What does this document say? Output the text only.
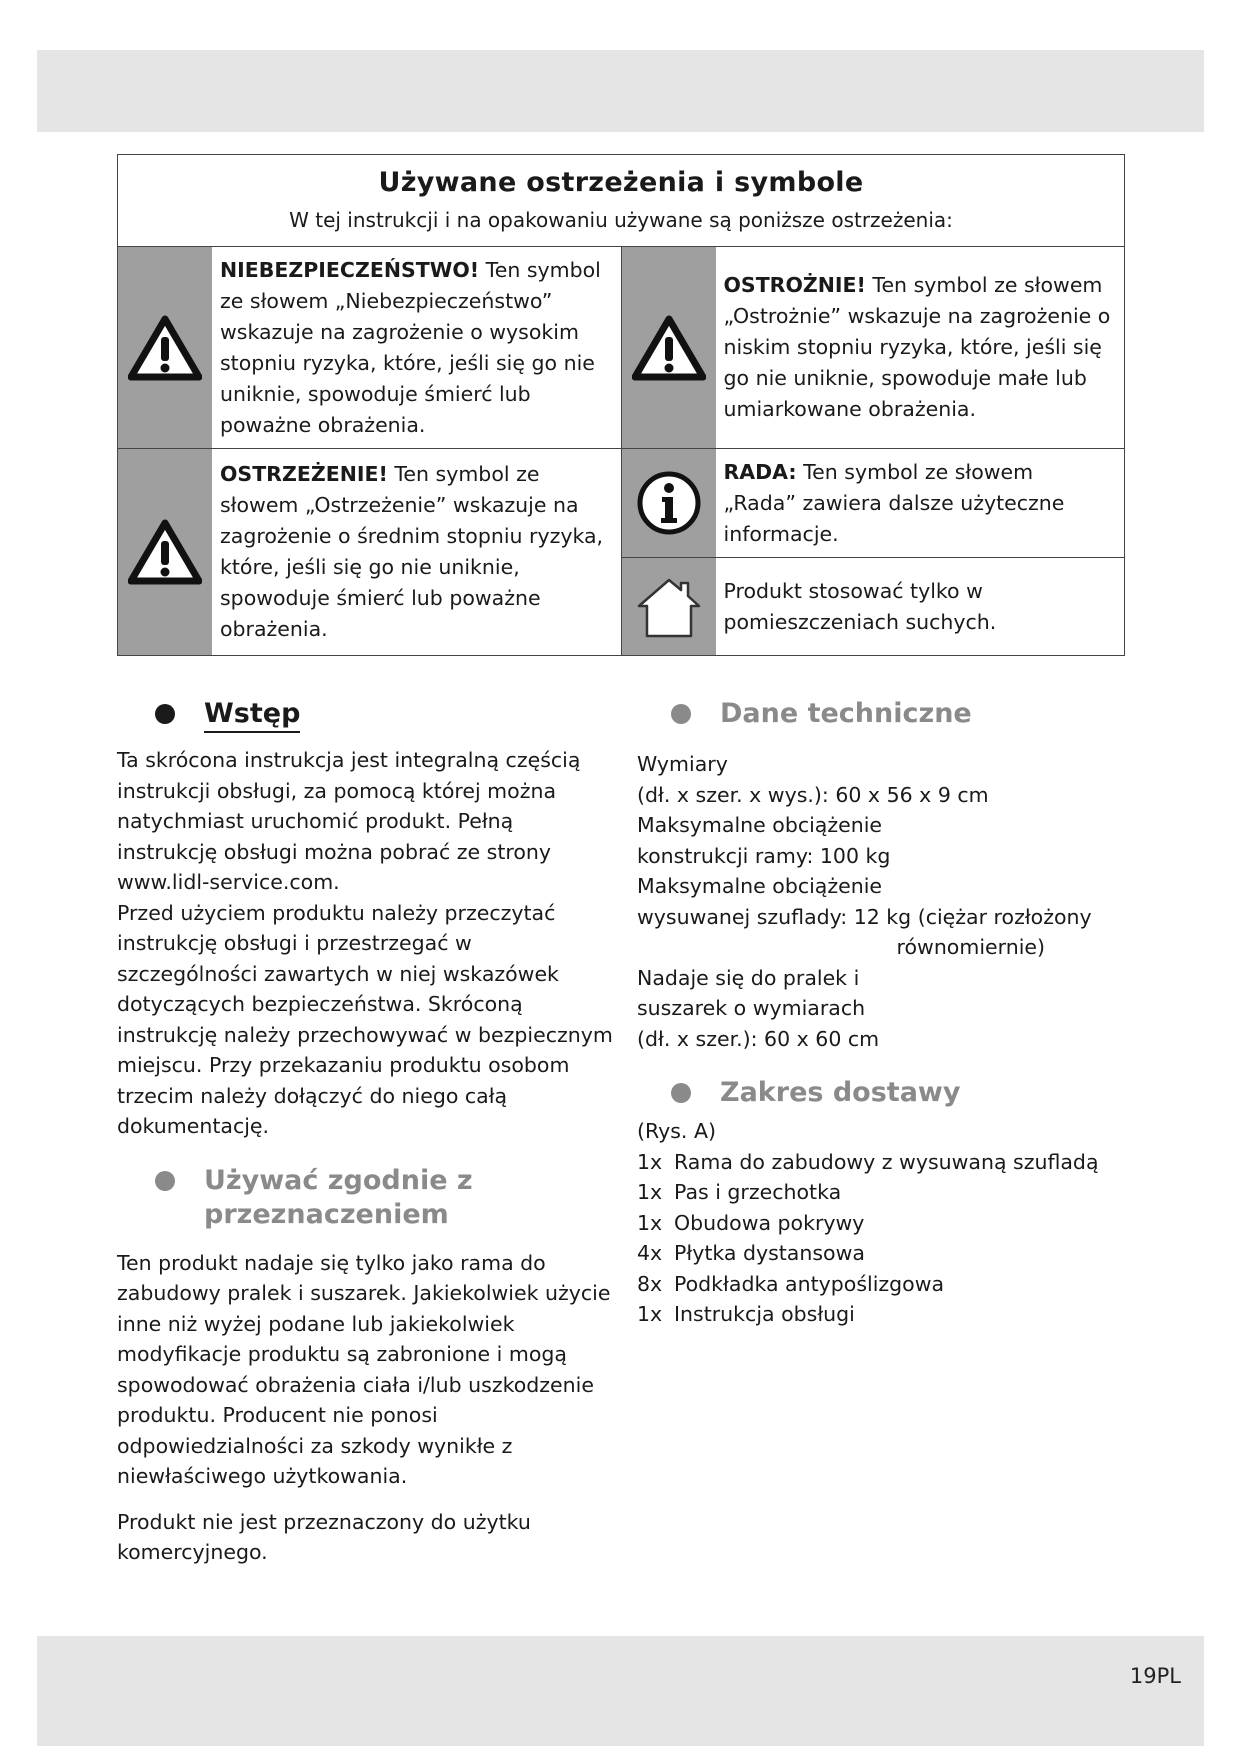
Używane ostrzeżenia i symbole
W tej instrukcji i na opakowaniu używane są poniższe ostrzeżenia:
NIEBEZPIECZEŃSTWO! Ten symbol ze słowem „Niebezpieczeństwo” wskazuje na zagrożenie o wysokim stopniu ryzyka, które, jeśli się go nie uniknie, spowoduje śmierć lub poważne obrażenia.
OSTRZEŻENIE! Ten symbol ze słowem „Ostrzeżenie” wskazuje na zagrożenie o średnim stopniu ryzyka, które, jeśli się go nie uniknie, spowoduje śmierć lub poważne obrażenia.
OSTROŻNIE! Ten symbol ze słowem „Ostrożnie” wskazuje na zagrożenie o niskim stopniu ryzyka, które, jeśli się go nie uniknie, spowoduje małe lub umiarkowane obrażenia.
RADA: Ten symbol ze słowem „Rada” zawiera dalsze użyteczne informacje.
Produkt stosować tylko w pomieszczeniach suchych.
Wstęp

Ta skrócona instrukcja jest integralną częścią instrukcji obsługi, za pomocą której można natychmiast uruchomić produkt. Pełną instrukcję obsługi można pobrać ze strony www.lidl-service.com.

Przed użyciem produktu należy przeczytać instrukcję obsługi i przestrzegać w szczególności zawartych w niej wskazówek dotyczących bezpieczeństwa. Skróconą instrukcję należy przechowywać w bezpiecznym miejscu. Przy przekazaniu produktu osobom trzecim należy dołączyć do niego całą dokumentację.

Używać zgodnie z przeznaczeniem

Ten produkt nadaje się tylko jako rama do zabudowy pralek i suszarek. Jakiekolwiek użycie inne niż wyżej podane lub jakiekolwiek modyfikacje produktu są zabronione i mogą spowodować obrażenia ciała i/lub uszkodzenie produktu. Producent nie ponosi odpowiedzialności za szkody wynikłe z niewłaściwego użytkowania.

Produkt nie jest przeznaczony do użytku komercyjnego.

Dane techniczne
Wymiary
(dł. x szer. x wys.): 60 x 56 x 9 cm
Maksymalne obciążenie
konstrukcji ramy: 100 kg
Maksymalne obciążenie
wysuwanej szuflady: 12 kg (ciężar rozłożony
równomiernie)
Nadaje się do pralek i
suszarek o wymiarach
(dł. x szer.): 60 x 60 cm
Zakres dostawy
(Rys. A)
1x Rama do zabudowy z wysuwaną szufladą
1x Pas i grzechotka
1x Obudowa pokrywy
4x Płytka dystansowa
8x Podkładka antypoślizgowa
1x Instrukcja obsługi
19PL
